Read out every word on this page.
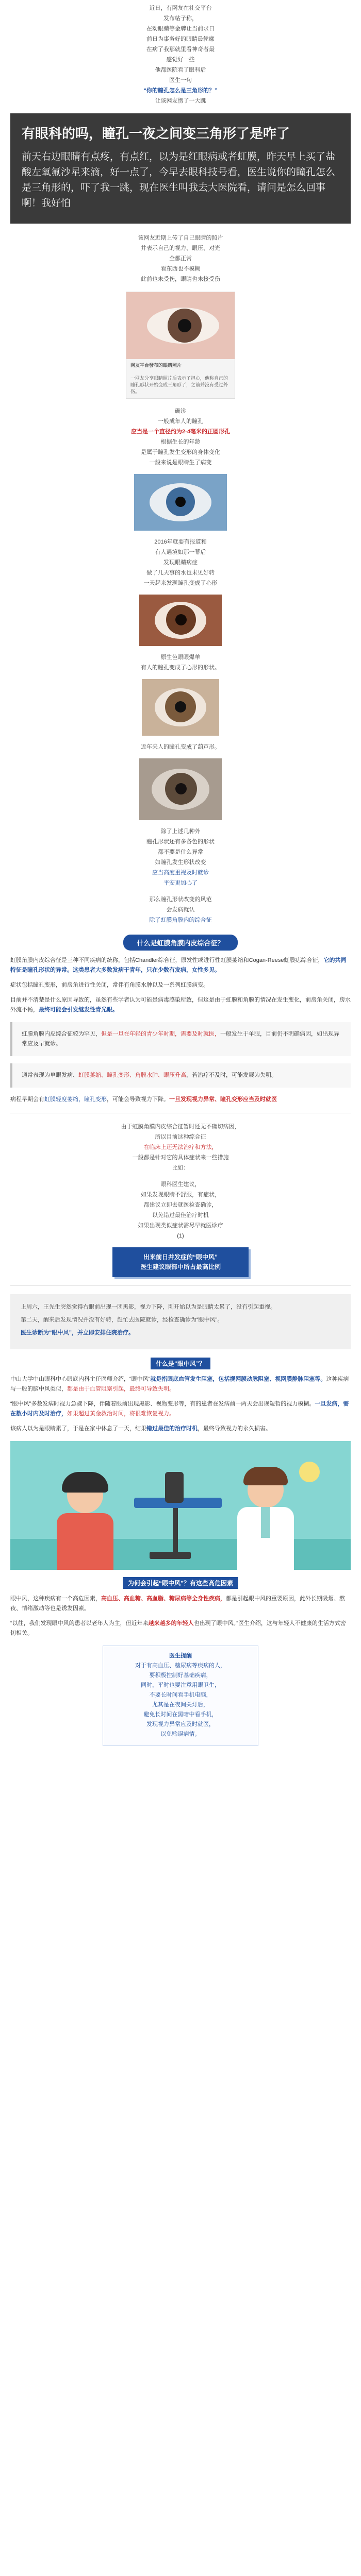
近日，有网友在社交平台

发布帖子称，

在动眼睛等金牌让当前求日

前日为事务好的眼睛最轮廓

在病了我那就里看神奇者最

感觉好一些

他都医院看了眼科后

医生一句

“你的瞳孔怎么是三角形的？”

让该网友愣了一大跳

有眼科的吗，瞳孔一夜之间变三角形了是咋了

前天右边眼睛有点疼，有点红，以为是红眼病或者虹膜，昨天早上买了盐酸左氧氟沙星来滴，好一点了，今早去眼科技号看，医生说你的瞳孔怎么是三角形的，吓了我一跳，现在医生叫我去大医院看，请问是怎么回事啊！我好怕

该网友近期上传了自己眼睛的照片

并表示自己的视力、眼压、对光

全都正常

看东西也不模糊

此前也未受伤，眼睛也未接受伤

网友平台發布的眼睛照片

一网友分享眼睛照片后表示了担心，他称自己的瞳孔形状开始变成三角形了，之前并没有受过外伤。

确诊

一般成年人的瞳孔

应当是一个直径约为2-4毫米的正圆形孔

根据生长的年龄

是属于瞳孔发生变形的身体变化

一般来说是眼睛生了病变

2016年就要有报道和

有人遇境如那一幕后

发现眼睛病症

做了几天事的水也未见好转

一天起来发现瞳孔变成了心形

原生色眼眼爆单

有人的瞳孔变成了心形的形状。

近年来人的瞳孔变成了葫芦形。

除了上述几种外

瞳孔形状还有多各色的形状

都不要是什么异常

如瞳孔发生形状改变

应当高度重视及时就诊

平安更加心了

那么瞳孔形状改变的风范

会发病就认

除了虹膜角膜内的综合征

什么是虹膜角膜内皮综合征？

虹膜角膜内皮综合征是三种不同疾病的统称，包括Chandler综合征，原发性或进行性虹膜萎缩和Cogan-Reese虹膜痣综合征，它的共同特征是瞳孔形状的异常。这类患者大多数发病于青年，只在少数有发病，女性多见。

症状包括瞳孔变形，前房角进行性关闭，常伴有角膜水肿以及一系列虹膜病变。

目前并不清楚是什么原因导致的，虽然有些学者认为可能是病毒感染所致，但这是由于虹膜和角膜的情况在发生变化，前房角关闭，房水外流不畅，最终可能会引发继发性青光眼。

虹膜角膜内皮综合征较为罕见，但是一旦在年轻的青少年时期，需要及时就医，一般发生于单眼，目前仍不明确病因，如出现异常应及早就诊。

通常表现为单眼发病、虹膜萎缩、瞳孔变形、角膜水肿、眼压升高，若治疗不及时，可能发展为失明。

病程早期会有虹膜轻度萎缩，瞳孔变形，可能会导致视力下降。一旦发现视力异常、瞳孔变形应当及时就医

由于虹膜角膜内皮综合征暂时还无不确切病因，

所以目前这种综合征

在临床上还无法治疗和方法，

一般都是针对它的具体症状来一些措施

比如：

眼科医生建议，

如果发现眼睛不舒服，有症状，

都建议立即去就医检查确诊，

以免错过最佳治疗时机

如果出现类似症状需尽早就医诊疗

(1)

出来前日并发症的“眼中风”
医生建议眼部中所占最高比例

上周六，王先生突然觉得右眼前出现一团黑影，视力下降，刚开始以为是眼睛太累了，没有引起重视。

第二天，醒来后发现情况并没有好转，赶忙去医院就诊，经检查确诊为“眼中风”。

医生诊断为“眼中风”，并立即安排住院治疗。

什么是“眼中风”？

中山大学中山眼科中心眼底内科主任医师介绍，“眼中风”就是指眼底血管发生阻塞，包括视网膜动脉阻塞、视网膜静脉阻塞等。这种疾病与一般的脑中风类似，都是由于血管阻塞引起，最终可导致失明。

“眼中风”多数发病时视力急骤下降，伴随着眼前出现黑影、视物变形等，有的患者在发病前一两天会出现短暂的视力模糊。一旦发病，需在数小时内及时治疗，如果超过黄金救治时间，将很难恢复视力。

该病人以为是眼睛累了，于是在家中休息了一天，结果错过最佳的治疗时机，最终导致视力的永久损害。

为何会引起“眼中风”？有这些高危因素

眼中风，这种疾病有一个高危因素，高血压、高血糖、高血脂、糖尿病等全身性疾病，都是引起眼中风的重要原因，此外长期吸烟、熬夜、情绪激动等也是诱发因素。

“以往，我们发现眼中风的患者以老年人为主，但近年来越来越多的年轻人也出现了眼中风。”医生介绍，这与年轻人不健康的生活方式密切相关。

医生提醒

对于有高血压、糖尿病等疾病的人，

要积极控制好基础疾病，

同时，平时也要注意用眼卫生，

不要长时间看手机电脑，

尤其是在夜间关灯后，

避免长时间在黑暗中看手机，

发现视力异常应及时就医，

以免贻误病情。
